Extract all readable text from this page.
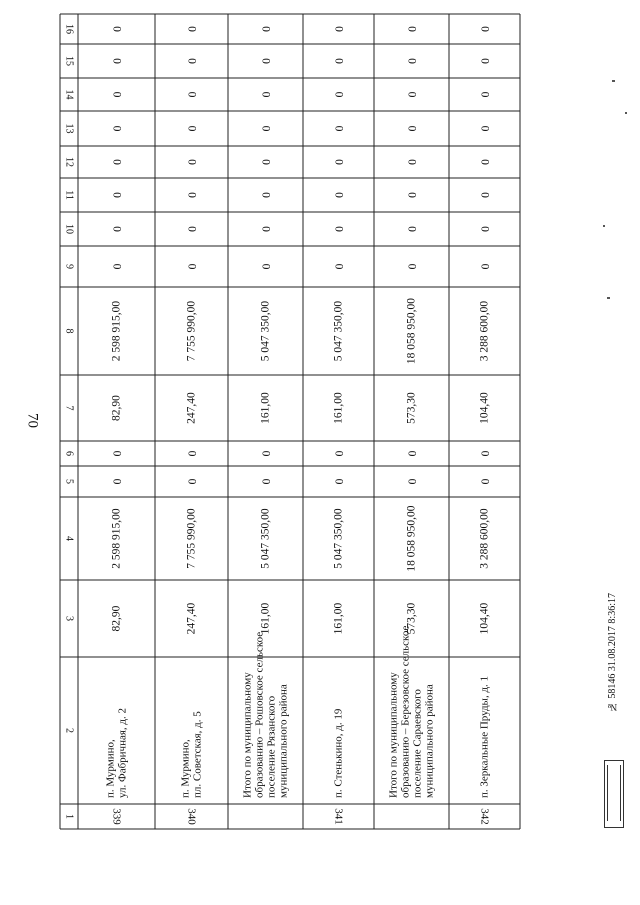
70
1
2
3
4
5
6
7
8
9
10
11
12
13
14
15
16
82,90
2 598 915,00
0
0
82,90
2 598 915,00
0
0
0
0
0
0
0
0
339
п. Мурмино, ул. Фабричная, д. 2
247,40
7 755 990,00
0
0
247,40
7 755 990,00
0
0
0
0
0
0
0
0
340
п. Мурмино, пл. Советская, д. 5
161,00
5 047 350,00
0
0
161,00
5 047 350,00
0
0
0
0
0
0
0
0
Итого по муниципальному образованию – Рошовское сельское поселение Рязанского муниципального района
161,00
5 047 350,00
0
0
161,00
5 047 350,00
0
0
0
0
0
0
0
0
341
п. Стенькино, д. 19
573,30
18 058 950,00
0
0
573,30
18 058 950,00
0
0
0
0
0
0
0
0
Итого по муниципальному образованию – Березовское сельское поселение Сараевского муниципального района
104,40
3 288 600,00
0
0
104,40
3 288 600,00
0
0
0
0
0
0
0
0
342
п. Зеркальные Пруды, д. 1
№ 58146 31.08.2017 8:36:17
